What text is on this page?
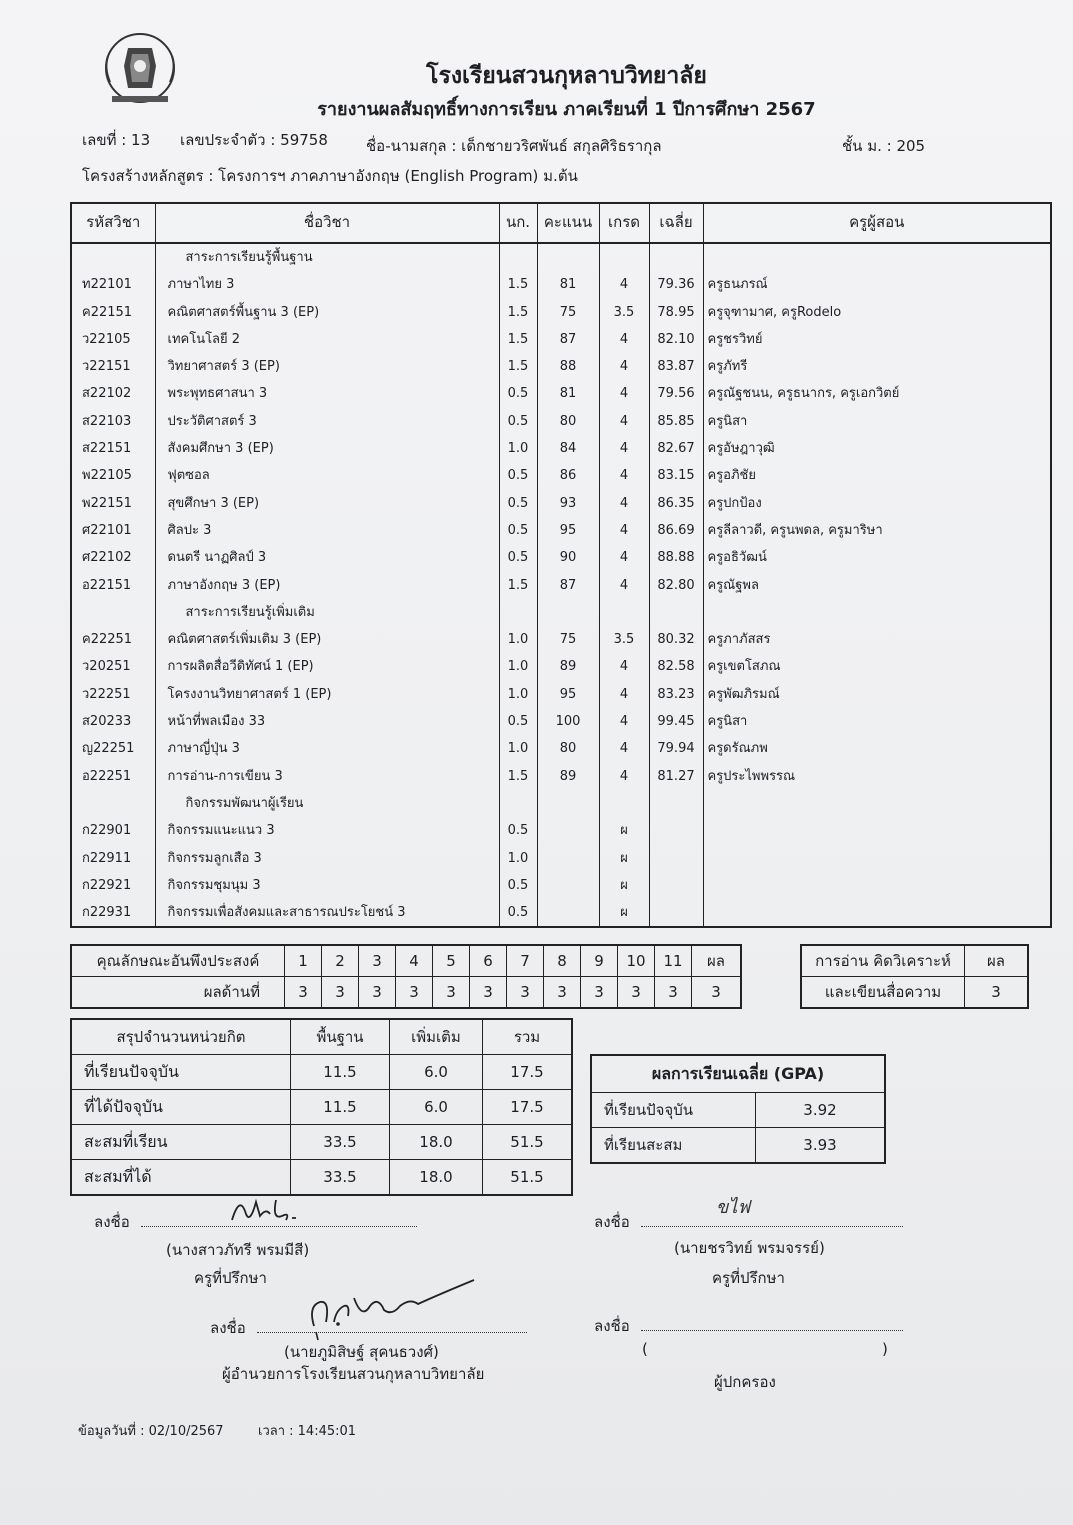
โรงเรียนสวนกุหลาบวิทยาลัย
รายงานผลสัมฤทธิ์ทางการเรียน ภาคเรียนที่ 1 ปีการศึกษา 2567
เลขที่ : 13 เลขประจำตัว : 59758	ชื่อ-นามสกุล : เด็กชายวริศพันธ์ สกุลศิริธรากุล	ชั้น ม. : 205
โครงสร้างหลักสูตร : โครงการฯ ภาคภาษาอังกฤษ (English Program) ม.ต้น
รหัสวิชา	ชื่อวิชา	นก.	คะแนน	เกรด	เฉลี่ย	ครูผู้สอน
	สาระการเรียนรู้พื้นฐาน					
ท22101	ภาษาไทย 3	1.5	81	4	79.36	ครูธนภรณ์
ค22151	คณิตศาสตร์พื้นฐาน 3 (EP)	1.5	75	3.5	78.95	ครูจุฑามาศ, ครูRodelo
ว22105	เทคโนโลยี 2	1.5	87	4	82.10	ครูชรวิทย์
ว22151	วิทยาศาสตร์ 3 (EP)	1.5	88	4	83.87	ครูภัทรี
ส22102	พระพุทธศาสนา 3	0.5	81	4	79.56	ครูณัฐชนน, ครูธนากร, ครูเอกวิตย์
ส22103	ประวัติศาสตร์ 3	0.5	80	4	85.85	ครูนิสา
ส22151	สังคมศึกษา 3 (EP)	1.0	84	4	82.67	ครูอัษฎาวุฒิ
พ22105	ฟุตซอล	0.5	86	4	83.15	ครูอภิชัย
พ22151	สุขศึกษา 3 (EP)	0.5	93	4	86.35	ครูปกป้อง
ศ22101	ศิลปะ 3	0.5	95	4	86.69	ครูลีลาวดี, ครูนพดล, ครูมาริษา
ศ22102	ดนตรี นาฏศิลป์ 3	0.5	90	4	88.88	ครูอธิวัฒน์
อ22151	ภาษาอังกฤษ 3 (EP)	1.5	87	4	82.80	ครูณัฐพล
	สาระการเรียนรู้เพิ่มเติม					
ค22251	คณิตศาสตร์เพิ่มเติม 3 (EP)	1.0	75	3.5	80.32	ครูภาภัสสร
ว20251	การผลิตสื่อวีดิทัศน์ 1 (EP)	1.0	89	4	82.58	ครูเขตโสภณ
ว22251	โครงงานวิทยาศาสตร์ 1 (EP)	1.0	95	4	83.23	ครูพัฒภิรมณ์
ส20233	หน้าที่พลเมือง 33	0.5	100	4	99.45	ครูนิสา
ญ22251	ภาษาญี่ปุ่น 3	1.0	80	4	79.94	ครูดรัณภพ
อ22251	การอ่าน-การเขียน 3	1.5	89	4	81.27	ครูประไพพรรณ
	กิจกรรมพัฒนาผู้เรียน					
ก22901	กิจกรรมแนะแนว 3	0.5		ผ		
ก22911	กิจกรรมลูกเสือ 3	1.0		ผ		
ก22921	กิจกรรมชุมนุม 3	0.5		ผ		
ก22931	กิจกรรมเพื่อสังคมและสาธารณประโยชน์ 3	0.5		ผ		
คุณลักษณะอันพึงประสงค์	1	2	3	4	5	6	7	8	9	10	11	ผล
ผลด้านที่	3	3	3	3	3	3	3	3	3	3	3	3
การอ่าน คิดวิเคราะห์	ผล
และเขียนสื่อความ	3
สรุปจำนวนหน่วยกิต	พื้นฐาน	เพิ่มเติม	รวม
ที่เรียนปัจจุบัน	11.5	6.0	17.5
ที่ได้ปัจจุบัน	11.5	6.0	17.5
สะสมที่เรียน	33.5	18.0	51.5
สะสมที่ได้	33.5	18.0	51.5
ผลการเรียนเฉลี่ย (GPA)	
ที่เรียนปัจจุบัน	3.92
ที่เรียนสะสม	3.93
ลงชื่อ
(นางสาวภัทรี พรมมีสี)
ครูที่ปรึกษา
ลงชื่อ
ขไฟ
(นายชรวิทย์ พรมจรรย์)
ครูที่ปรึกษา
ลงชื่อ
(นายภูมิสิษฐ์ สุคนธวงศ์)
ผู้อำนวยการโรงเรียนสวนกุหลาบวิทยาลัย
ลงชื่อ
(	)
ผู้ปกครอง
ข้อมูลวันที่ : 02/10/2567	เวลา : 14:45:01
